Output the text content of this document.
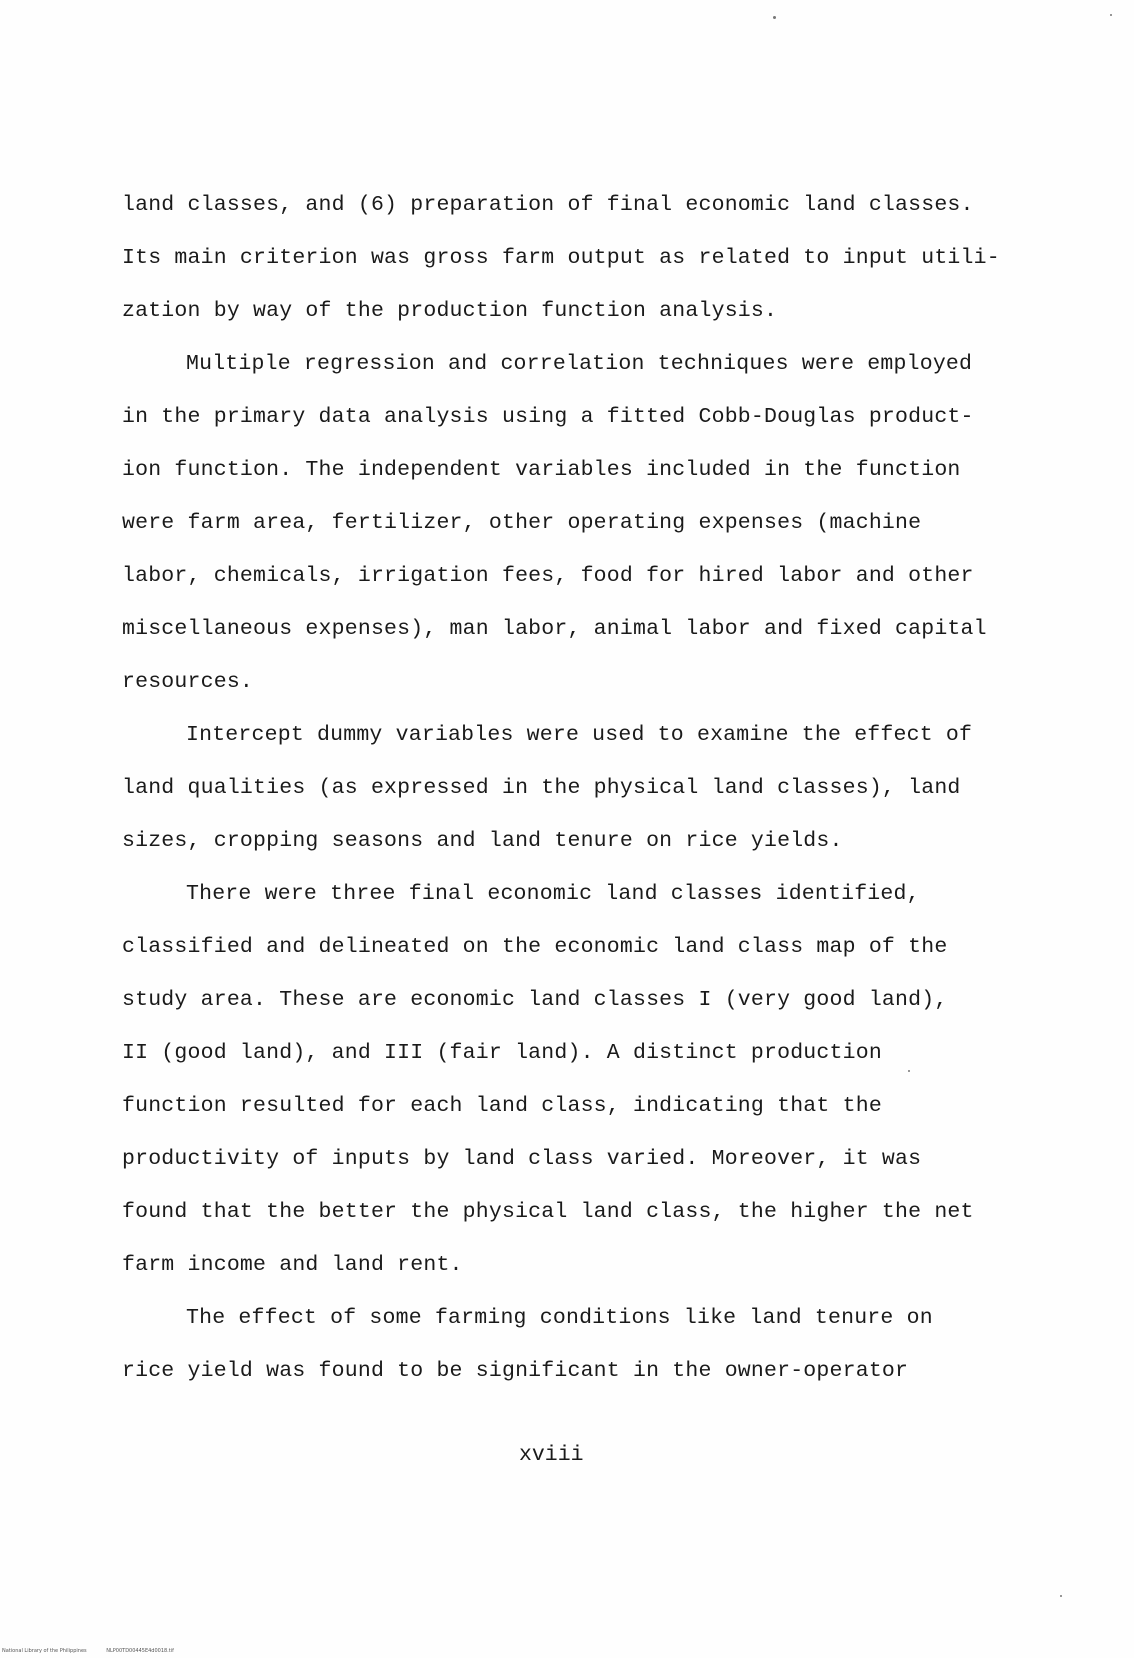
land classes, and (6) preparation of final economic land classes.
Its main criterion was gross farm output as related to input utili-
zation by way of the production function analysis.
Multiple regression and correlation techniques were employed
in the primary data analysis using a fitted Cobb-Douglas product-
ion function. The independent variables included in the function
were farm area, fertilizer, other operating expenses (machine
labor, chemicals, irrigation fees, food for hired labor and other
miscellaneous expenses), man labor, animal labor and fixed capital
resources.
Intercept dummy variables were used to examine the effect of
land qualities (as expressed in the physical land classes), land
sizes, cropping seasons and land tenure on rice yields.
There were three final economic land classes identified,
classified and delineated on the economic land class map of the
study area. These are economic land classes I (very good land),
II (good land), and III (fair land). A distinct production
function resulted for each land class, indicating that the
productivity of inputs by land class varied. Moreover, it was
found that the better the physical land class, the higher the net
farm income and land rent.
The effect of some farming conditions like land tenure on
rice yield was found to be significant in the owner-operator
xviii
National Library of the Philippines	NLP00TD00445E4d0018.tif
